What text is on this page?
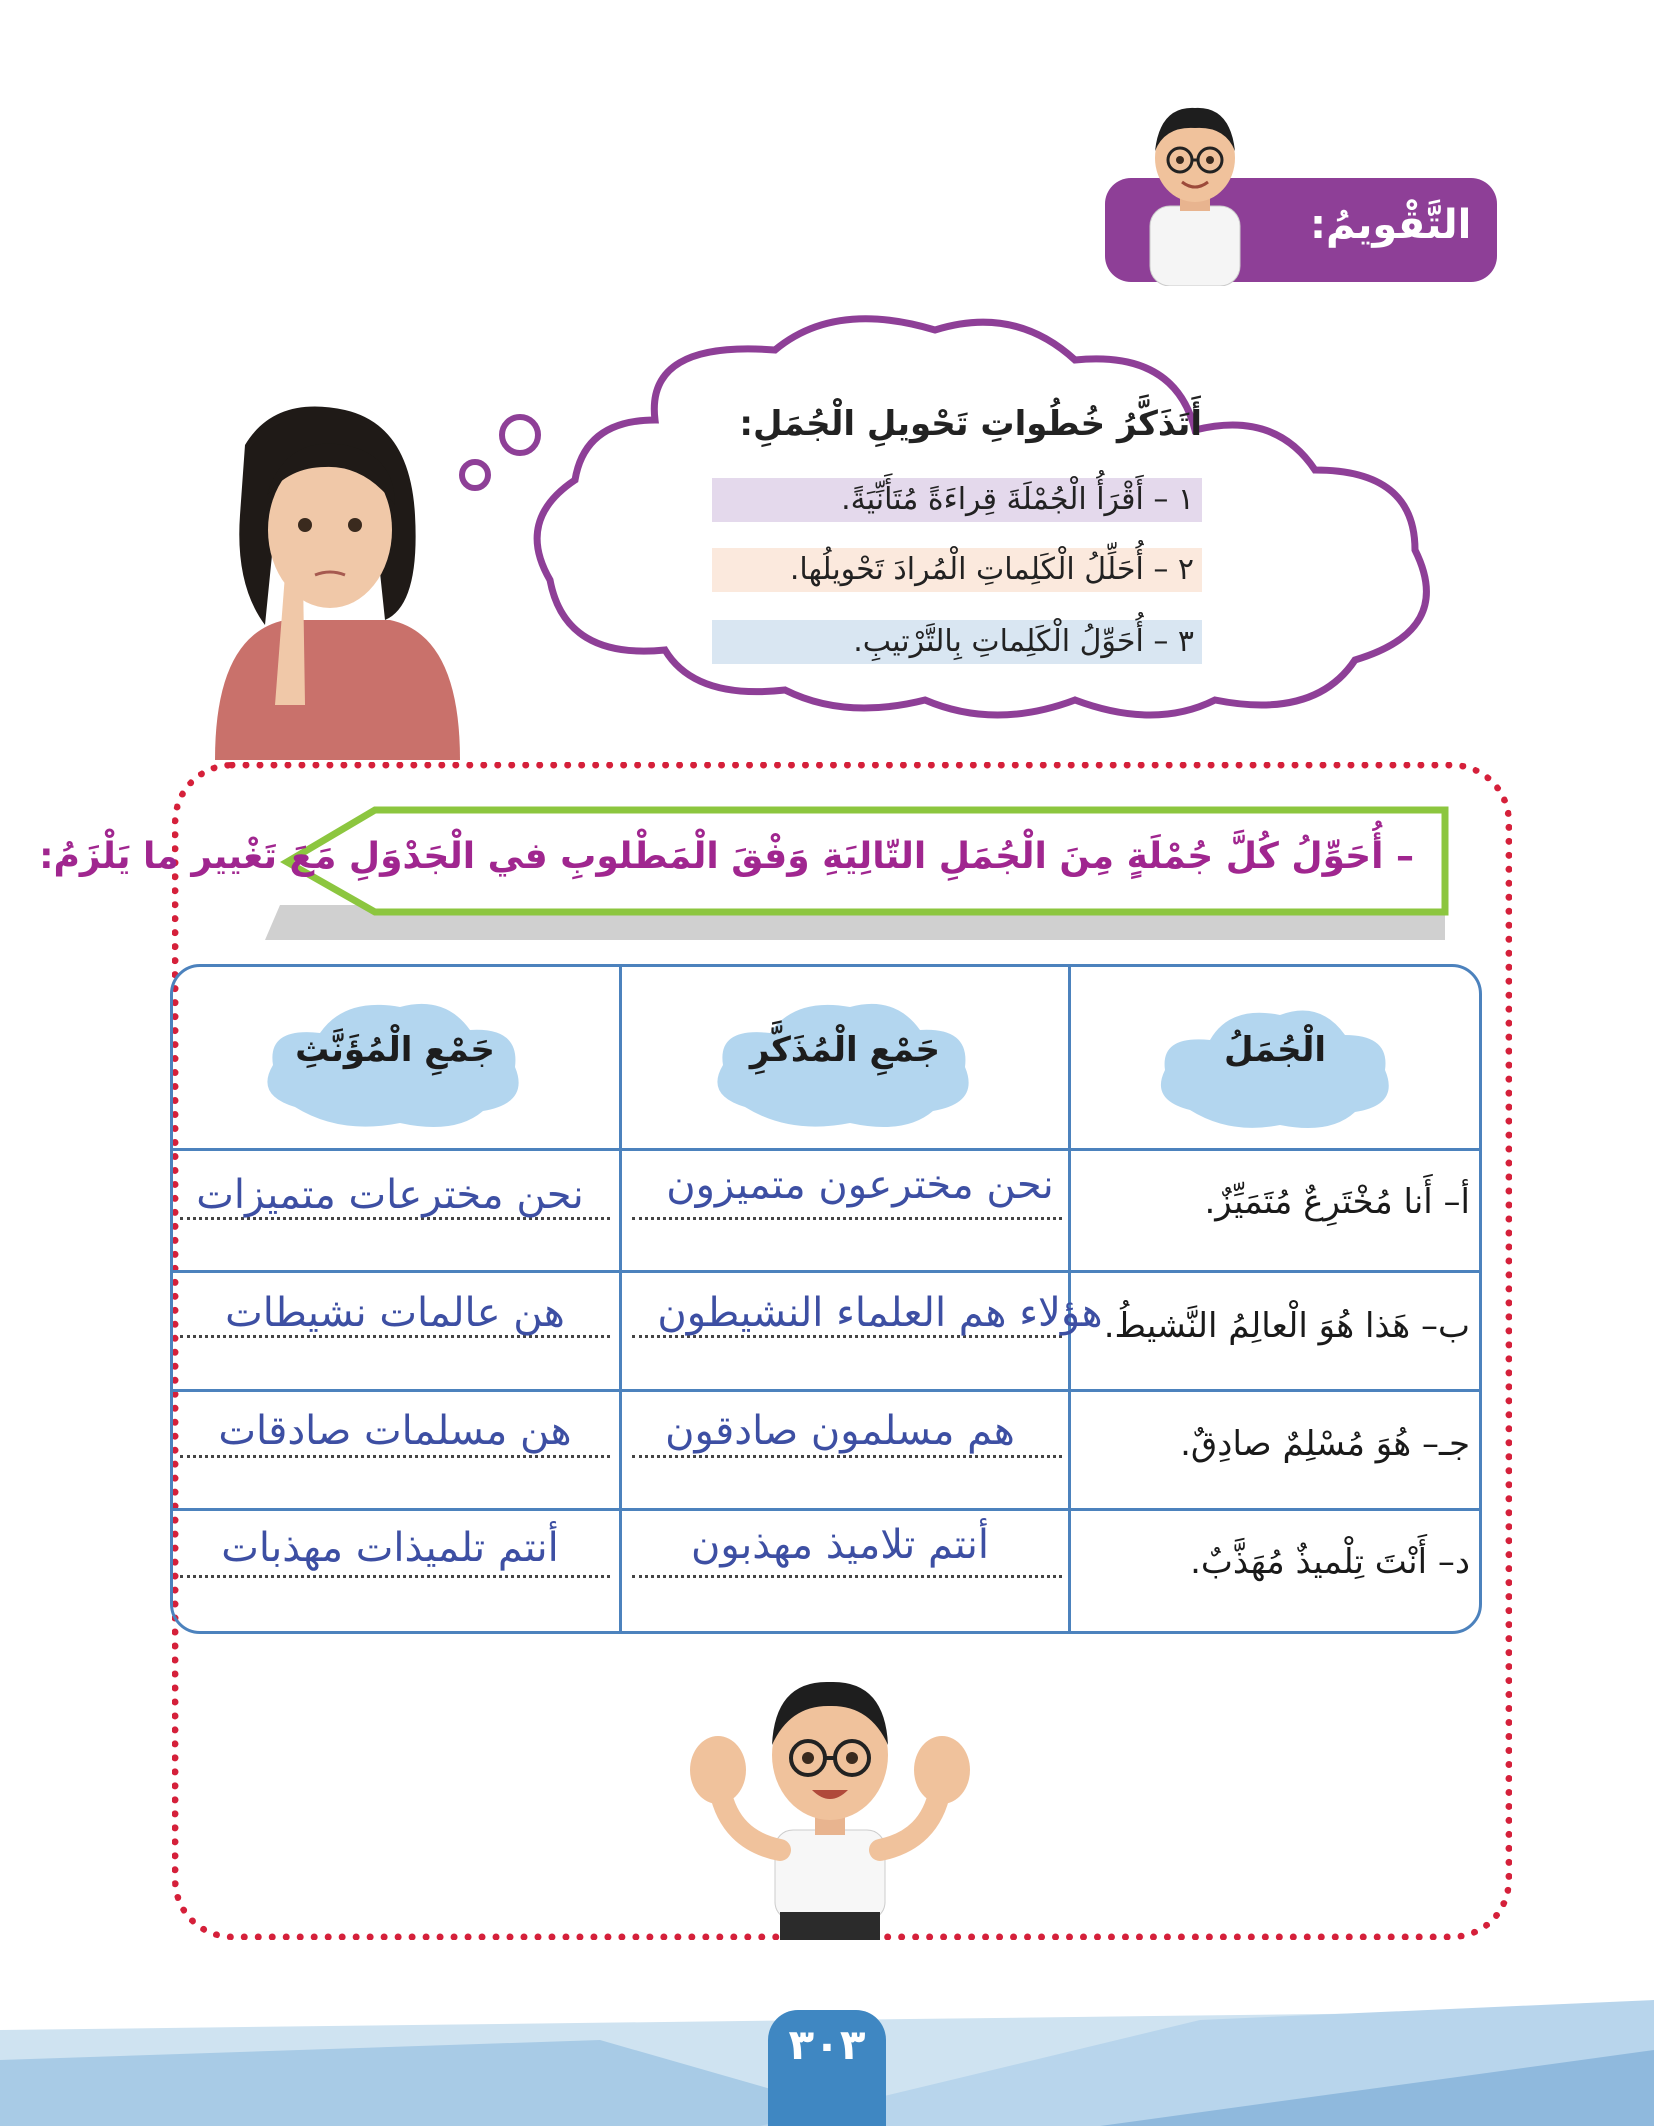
التَّقْويمُ:
أَتَذَكَّرُ خُطُواتِ تَحْويلِ الْجُمَلِ:
١ – أَقْرَأُ الْجُمْلَةَ قِراءَةً مُتَأَنِّيَةً.
٢ – أُحَلِّلُ الْكَلِماتِ الْمُرادَ تَحْويلُها.
٣ – أُحَوِّلُ الْكَلِماتِ بِالتَّرْتيبِ.
– أُحَوِّلُ كُلَّ جُمْلَةٍ مِنَ الْجُمَلِ التّالِيَةِ وَفْقَ الْمَطْلوبِ في الْجَدْوَلِ مَعَ تَغْيير ما يَلْزَمُ:
الْجُمَلُ
جَمْعِ الْمُذَكَّرِ
جَمْعِ الْمُؤَنَّثِ
أ– أَنا مُخْتَرِعٌ مُتَمَيِّزٌ.
نحن مخترعون متميزون
نحن مخترعات متميزات
ب– هَذا هُوَ الْعالِمُ النَّشيطُ.
هؤلاء هم العلماء النشيطون
هن عالمات نشيطات
جـ– هُوَ مُسْلِمٌ صادِقٌ.
هم مسلمون صادقون
هن مسلمات صادقات
د– أَنْتَ تِلْميذٌ مُهَذَّبٌ.
أنتم تلاميذ مهذبون
أنتم تلميذات مهذبات
٣٠٣
